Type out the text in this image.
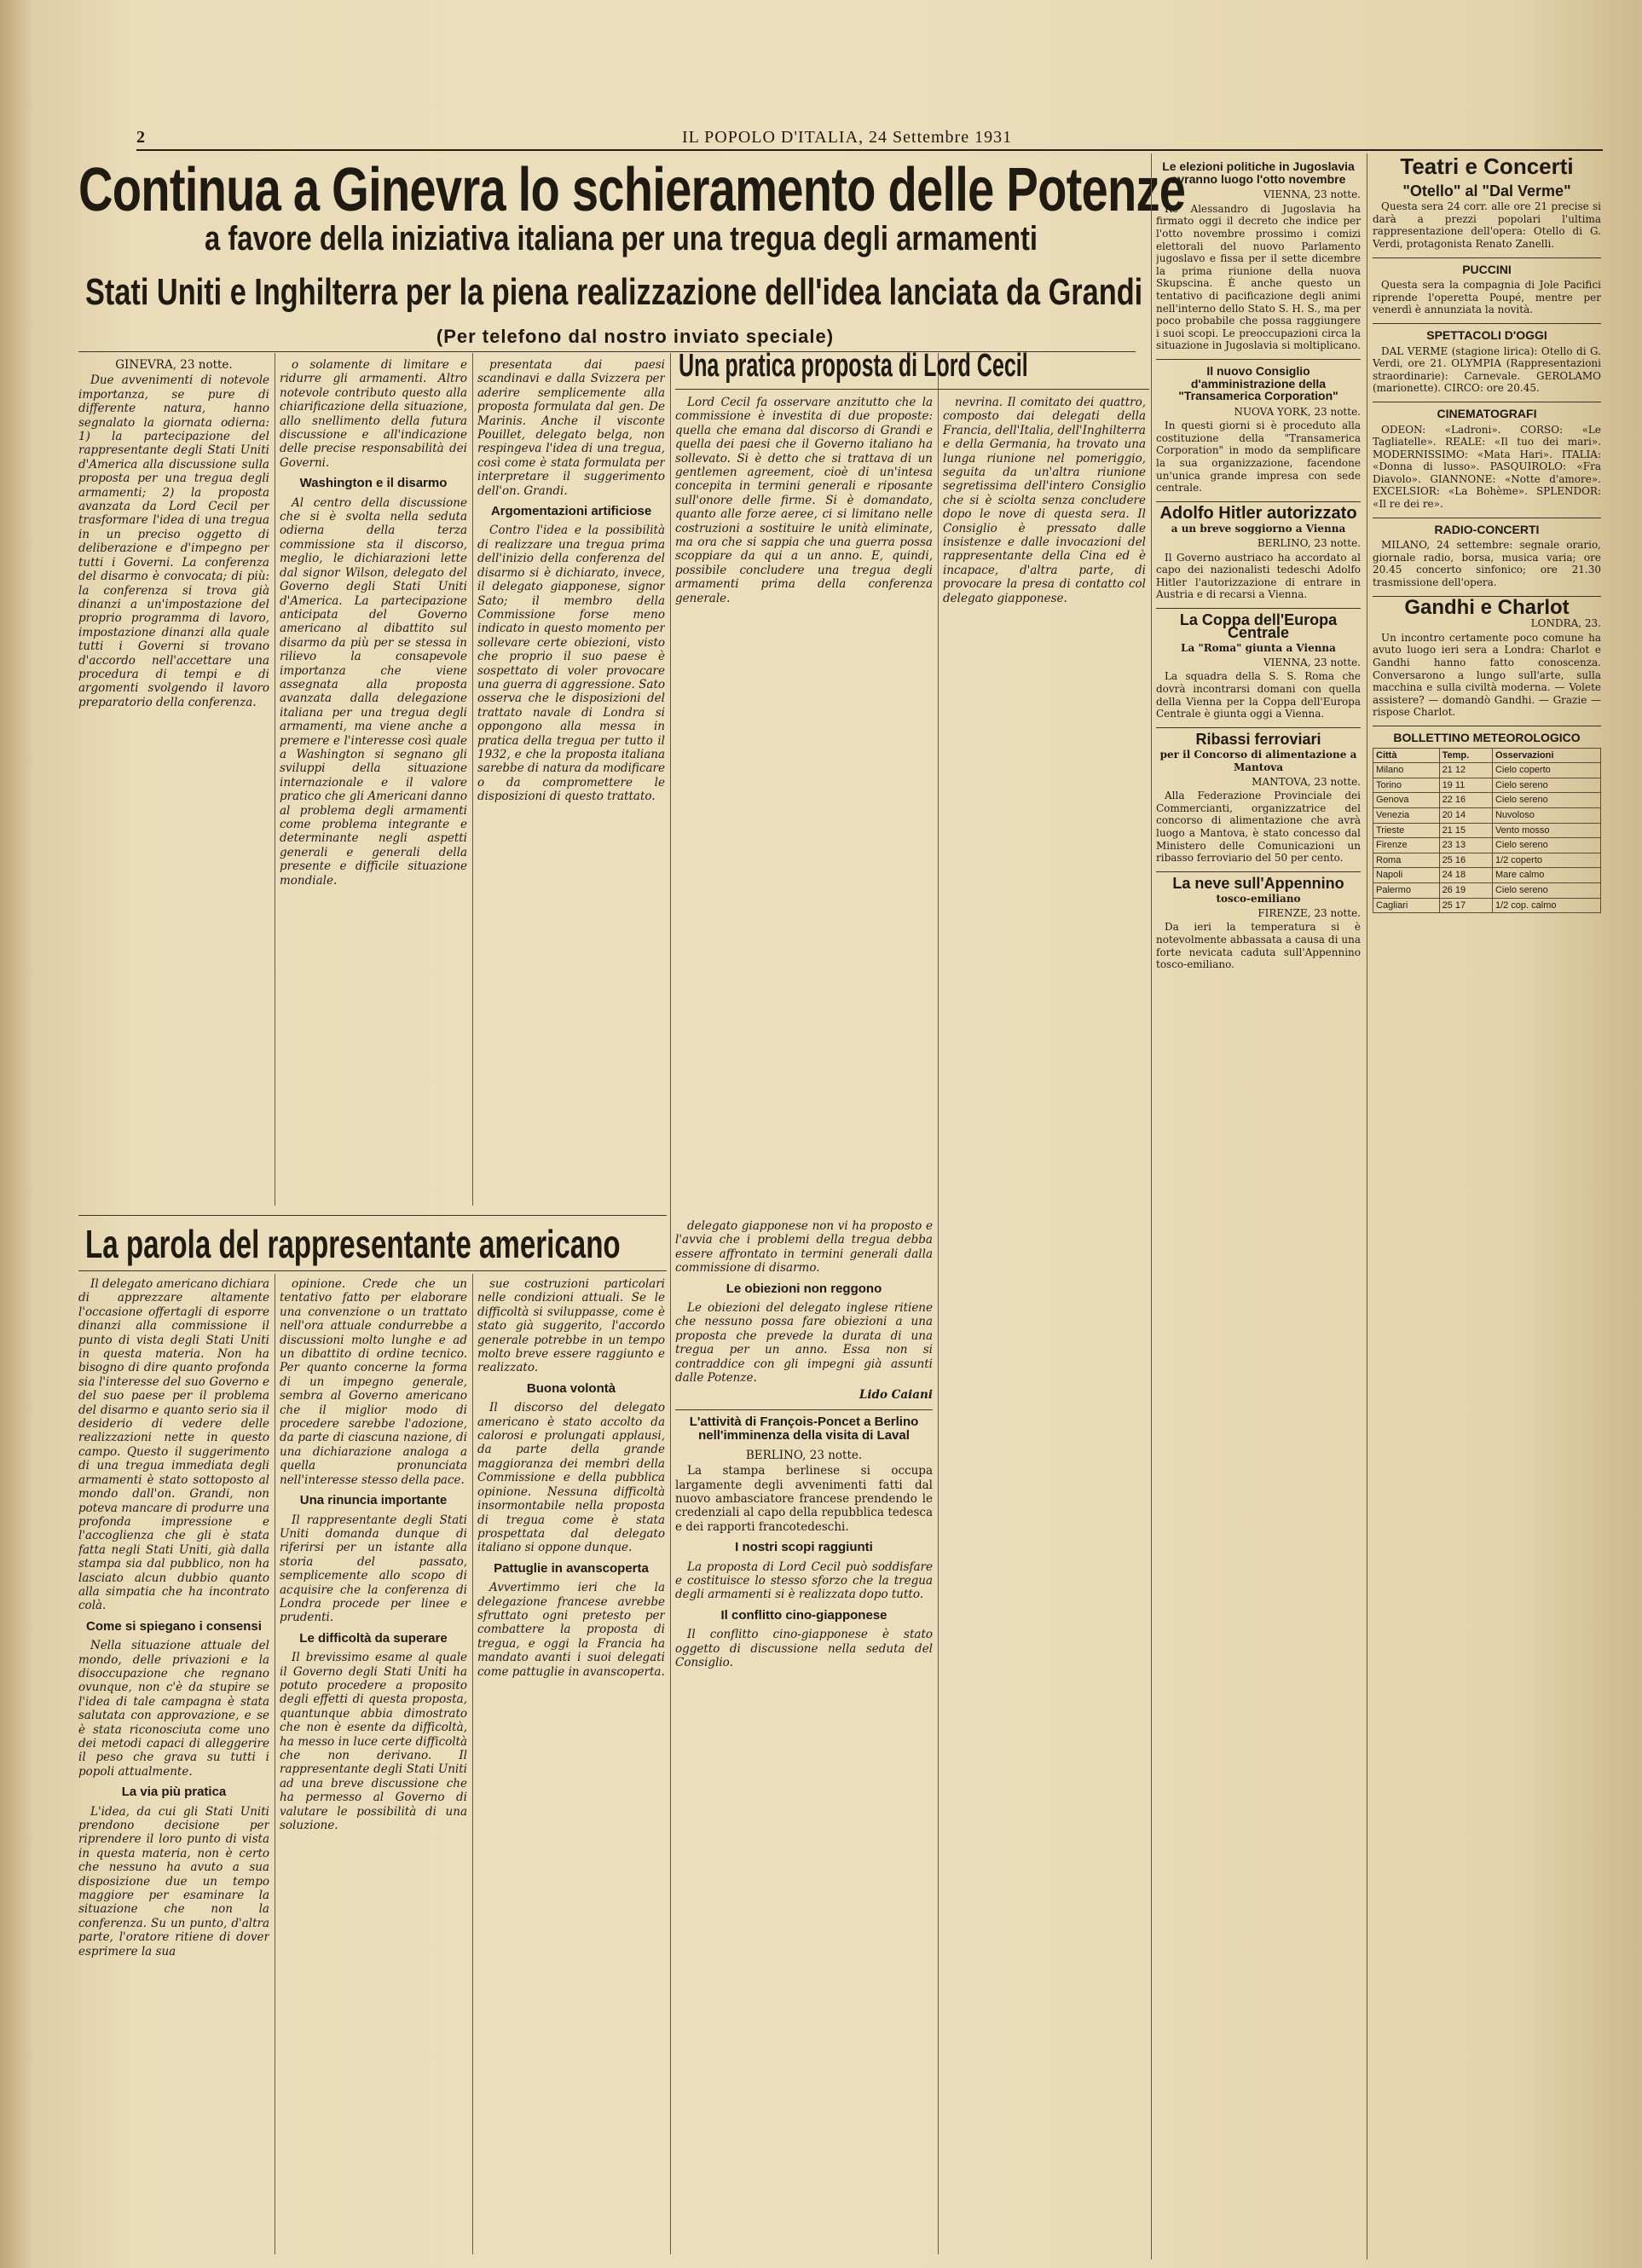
2	IL POPOLO D'ITALIA, 24 Settembre 1931
Continua a Ginevra lo schieramento delle Potenze
a favore della iniziativa italiana per una tregua degli armamenti
Stati Uniti e Inghilterra per la piena realizzazione dell'idea lanciata da Grandi
(Per telefono dal nostro inviato speciale)

GINEVRA, 23 notte.

Due avvenimenti di notevole importanza, se pure di differente natura, hanno segnalato la giornata odierna: 1) la partecipazione del rappresentante degli Stati Uniti d'America alla discussione sulla proposta per una tregua degli armamenti; 2) la proposta avanzata da Lord Cecil per trasformare l'idea di una tregua in un preciso oggetto di deliberazione e d'impegno per tutti i Governi. La conferenza del disarmo è convocata; di più: la conferenza si trova già dinanzi a un'impostazione del proprio programma di lavoro, impostazione dinanzi alla quale tutti i Governi si trovano d'accordo nell'accettare una procedura di tempi e di argomenti svolgendo il lavoro preparatorio della conferenza.

o solamente di limitare e ridurre gli armamenti. Altro notevole contributo questo alla chiarificazione della situazione, allo snellimento della futura discussione e all'indicazione delle precise responsabilità dei Governi.

Washington e il disarmo

Al centro della discussione che si è svolta nella seduta odierna della terza commissione sta il discorso, meglio, le dichiarazioni lette dal signor Wilson, delegato del Governo degli Stati Uniti d'America. La partecipazione anticipata del Governo americano al dibattito sul disarmo da più per se stessa in rilievo la consapevole importanza che viene assegnata alla proposta avanzata dalla delegazione italiana per una tregua degli armamenti, ma viene anche a premere e l'interesse così quale a Washington si segnano gli sviluppi della situazione internazionale e il valore pratico che gli Americani danno al problema degli armamenti come problema integrante e determinante negli aspetti generali e generali della presente e difficile situazione mondiale.

presentata dai paesi scandinavi e dalla Svizzera per aderire semplicemente alla proposta formulata dal gen. De Marinis. Anche il visconte Pouillet, delegato belga, non respingeva l'idea di una tregua, così come è stata formulata per interpretare il suggerimento dell'on. Grandi.

Argomentazioni artificiose

Contro l'idea e la possibilità di realizzare una tregua prima dell'inizio della conferenza del disarmo si è dichiarato, invece, il delegato giapponese, signor Sato; il membro della Commissione forse meno indicato in questo momento per sollevare certe obiezioni, visto che proprio il suo paese è sospettato di voler provocare una guerra di aggressione. Sato osserva che le disposizioni del trattato navale di Londra si oppongono alla messa in pratica della tregua per tutto il 1932, e che la proposta italiana sarebbe di natura da modificare o da compromettere le disposizioni di questo trattato.

Una pratica proposta di Lord Cecil

Lord Cecil fa osservare anzitutto che la commissione è investita di due proposte: quella che emana dal discorso di Grandi e quella dei paesi che il Governo italiano ha sollevato. Si è detto che si trattava di un gentlemen agreement, cioè di un'intesa concepita in termini generali e riposante sull'onore delle firme. Si è domandato, quanto alle forze aeree, ci si limitano nelle costruzioni a sostituire le unità eliminate, ma ora che si sappia che una guerra possa scoppiare da qui a un anno. E, quindi, possibile concludere una tregua degli armamenti prima della conferenza generale.

nevrina. Il comitato dei quattro, composto dai delegati della Francia, dell'Italia, dell'Inghilterra e della Germania, ha trovato una lunga riunione nel pomeriggio, seguita da un'altra riunione segretissima dell'intero Consiglio che si è sciolta senza concludere dopo le nove di questa sera. Il Consiglio è pressato dalle insistenze e dalle invocazioni del rappresentante della Cina ed è incapace, d'altra parte, di provocare la presa di contatto col delegato giapponese.

La parola del rappresentante americano

Il delegato americano dichiara di apprezzare altamente l'occasione offertagli di esporre dinanzi alla commissione il punto di vista degli Stati Uniti in questa materia. Non ha bisogno di dire quanto profonda sia l'interesse del suo Governo e del suo paese per il problema del disarmo e quanto serio sia il desiderio di vedere delle realizzazioni nette in questo campo. Questo il suggerimento di una tregua immediata degli armamenti è stato sottoposto al mondo dall'on. Grandi, non poteva mancare di produrre una profonda impressione e l'accoglienza che gli è stata fatta negli Stati Uniti, già dalla stampa sia dal pubblico, non ha lasciato alcun dubbio quanto alla simpatia che ha incontrato colà.

Come si spiegano i consensi

Nella situazione attuale del mondo, delle privazioni e la disoccupazione che regnano ovunque, non c'è da stupire se l'idea di tale campagna è stata salutata con approvazione, e se è stata riconosciuta come uno dei metodi capaci di alleggerire il peso che grava su tutti i popoli attualmente.

La via più pratica

L'idea, da cui gli Stati Uniti prendono decisione per riprendere il loro punto di vista in questa materia, non è certo che nessuno ha avuto a sua disposizione due un tempo maggiore per esaminare la situazione che non la conferenza. Su un punto, d'altra parte, l'oratore ritiene di dover esprimere la sua

opinione. Crede che un tentativo fatto per elaborare una convenzione o un trattato nell'ora attuale condurrebbe a discussioni molto lunghe e ad un dibattito di ordine tecnico. Per quanto concerne la forma di un impegno generale, sembra al Governo americano che il miglior modo di procedere sarebbe l'adozione, da parte di ciascuna nazione, di una dichiarazione analoga a quella pronunciata nell'interesse stesso della pace.

Una rinuncia importante

Il rappresentante degli Stati Uniti domanda dunque di riferirsi per un istante alla storia del passato, semplicemente allo scopo di acquisire che la conferenza di Londra procede per linee e prudenti.

Le difficoltà da superare

Il brevissimo esame al quale il Governo degli Stati Uniti ha potuto procedere a proposito degli effetti di questa proposta, quantunque abbia dimostrato che non è esente da difficoltà, ha messo in luce certe difficoltà che non derivano. Il rappresentante degli Stati Uniti ad una breve discussione che ha permesso al Governo di valutare le possibilità di una soluzione.

sue costruzioni particolari nelle condizioni attuali. Se le difficoltà si sviluppasse, come è stato già suggerito, l'accordo generale potrebbe in un tempo molto breve essere raggiunto e realizzato.

Buona volontà

Il discorso del delegato americano è stato accolto da calorosi e prolungati applausi, da parte della grande maggioranza dei membri della Commissione e della pubblica opinione. Nessuna difficoltà insormontabile nella proposta di tregua come è stata prospettata dal delegato italiano si oppone dunque.

Pattuglie in avanscoperta

Avvertimmo ieri che la delegazione francese avrebbe sfruttato ogni pretesto per combattere la proposta di tregua, e oggi la Francia ha mandato avanti i suoi delegati come pattuglie in avanscoperta.

delegato giapponese non vi ha proposto e l'avvia che i problemi della tregua debba essere affrontato in termini generali dalla commissione di disarmo.

Le obiezioni non reggono

Le obiezioni del delegato inglese ritiene che nessuno possa fare obiezioni a una proposta che prevede la durata di una tregua per un anno. Essa non si contraddice con gli impegni già assunti dalle Potenze.

Lido Caiani

L'attività di François-Poncet a Berlino nell'imminenza della visita di Laval

BERLINO, 23 notte.

La stampa berlinese si occupa largamente degli avvenimenti fatti dal nuovo ambasciatore francese prendendo le credenziali al capo della repubblica tedesca e dei rapporti francotedeschi.

I nostri scopi raggiunti

La proposta di Lord Cecil può soddisfare e costituisce lo stesso sforzo che la tregua degli armamenti si è realizzata dopo tutto.

Il conflitto cino-giapponese

Il conflitto cino-giapponese è stato oggetto di discussione nella seduta del Consiglio.

Le elezioni politiche in Jugoslavia avranno luogo l'otto novembre

VIENNA, 23 notte.

Re Alessandro di Jugoslavia ha firmato oggi il decreto che indice per l'otto novembre prossimo i comizi elettorali del nuovo Parlamento jugoslavo e fissa per il sette dicembre la prima riunione della nuova Skupscina. È anche questo un tentativo di pacificazione degli animi nell'interno dello Stato S. H. S., ma per poco probabile che possa raggiungere i suoi scopi. Le preoccupazioni circa la situazione in Jugoslavia si moltiplicano.

Il nuovo Consiglio d'amministrazione della "Transamerica Corporation"

NUOVA YORK, 23 notte.

In questi giorni si è proceduto alla costituzione della "Transamerica Corporation" in modo da semplificare la sua organizzazione, facendone un'unica grande impresa con sede centrale.

Adolfo Hitler autorizzato

a un breve soggiorno a Vienna

BERLINO, 23 notte.

Il Governo austriaco ha accordato al capo dei nazionalisti tedeschi Adolfo Hitler l'autorizzazione di entrare in Austria e di recarsi a Vienna.

La Coppa dell'Europa Centrale

La "Roma" giunta a Vienna

VIENNA, 23 notte.

La squadra della S. S. Roma che dovrà incontrarsi domani con quella della Vienna per la Coppa dell'Europa Centrale è giunta oggi a Vienna.

Ribassi ferroviari

per il Concorso di alimentazione a Mantova

MANTOVA, 23 notte.

Alla Federazione Provinciale dei Commercianti, organizzatrice del concorso di alimentazione che avrà luogo a Mantova, è stato concesso dal Ministero delle Comunicazioni un ribasso ferroviario del 50 per cento.

La neve sull'Appennino

tosco-emiliano

FIRENZE, 23 notte.

Da ieri la temperatura si è notevolmente abbassata a causa di una forte nevicata caduta sull'Appennino tosco-emiliano.

Teatri e Concerti

"Otello" al "Dal Verme"

Questa sera 24 corr. alle ore 21 precise si darà a prezzi popolari l'ultima rappresentazione dell'opera: Otello di G. Verdi, protagonista Renato Zanelli.

PUCCINI

Questa sera la compagnia di Jole Pacifici riprende l'operetta Poupé, mentre per venerdì è annunziata la novità.

SPETTACOLI D'OGGI

DAL VERME (stagione lirica): Otello di G. Verdi, ore 21. OLYMPIA (Rappresentazioni straordinarie): Carnevale. GEROLAMO (marionette). CIRCO: ore 20.45.

CINEMATOGRAFI

ODEON: «Ladroni». CORSO: «Le Tagliatelle». REALE: «Il tuo dei mari». MODERNISSIMO: «Mata Hari». ITALIA: «Donna di lusso». PASQUIROLO: «Fra Diavolo». GIANNONE: «Notte d'amore». EXCELSIOR: «La Bohème». SPLENDOR: «Il re dei re».

RADIO-CONCERTI

MILANO, 24 settembre: segnale orario, giornale radio, borsa, musica varia; ore 20.45 concerto sinfonico; ore 21.30 trasmissione dell'opera.

Gandhi e Charlot

LONDRA, 23.

Un incontro certamente poco comune ha avuto luogo ieri sera a Londra: Charlot e Gandhi hanno fatto conoscenza. Conversarono a lungo sull'arte, sulla macchina e sulla civiltà moderna. — Volete assistere? — domandò Gandhi. — Grazie — rispose Charlot.

BOLLETTINO METEOROLOGICO

Città	Temp.	Osservazioni
Milano	21 12	Cielo coperto
Torino	19 11	Cielo sereno
Genova	22 16	Cielo sereno
Venezia	20 14	Nuvoloso
Trieste	21 15	Vento mosso
Firenze	23 13	Cielo sereno
Roma	25 16	1/2 coperto
Napoli	24 18	Mare calmo
Palermo	26 19	Cielo sereno
Cagliari	25 17	1/2 cop. calmo
